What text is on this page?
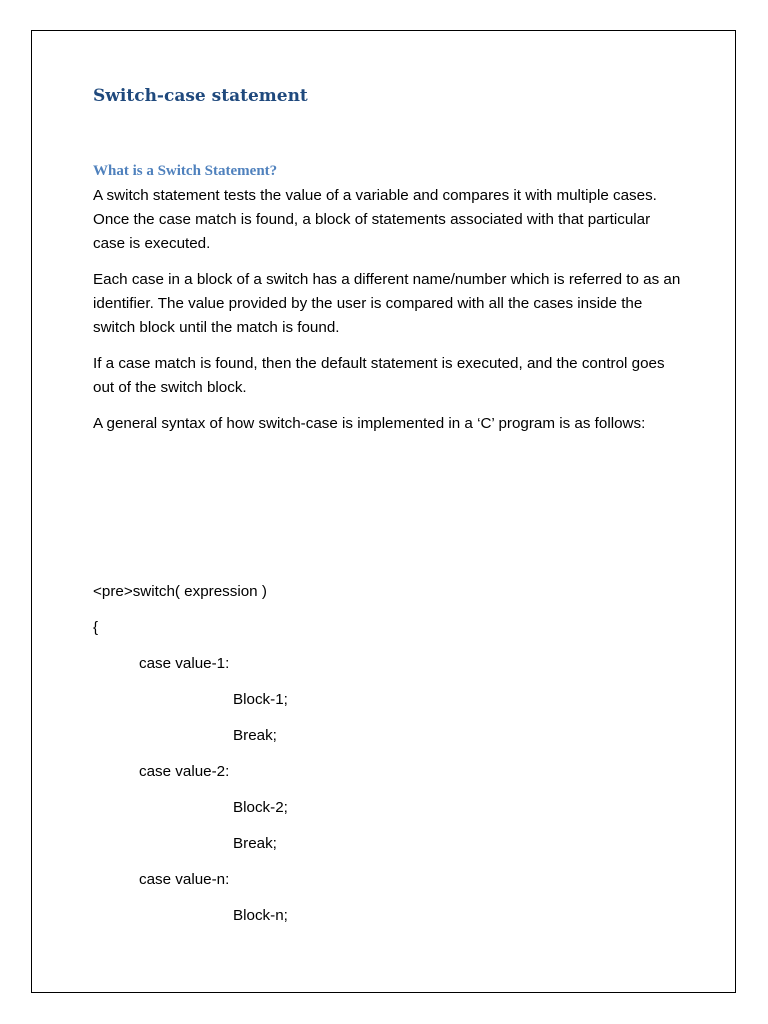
Switch-case statement
What is a Switch Statement?

A switch statement tests the value of a variable and compares it with multiple cases. Once the case match is found, a block of statements associated with that particular case is executed.

Each case in a block of a switch has a different name/number which is referred to as an identifier. The value provided by the user is compared with all the cases inside the switch block until the match is found.

If a case match is found, then the default statement is executed, and the control goes out of the switch block.

A general syntax of how switch-case is implemented in a ‘C’ program is as follows:

<pre>switch( expression )

{

case value-1:

Block-1;

Break;

case value-2:

Block-2;

Break;

case value-n:

Block-n;
